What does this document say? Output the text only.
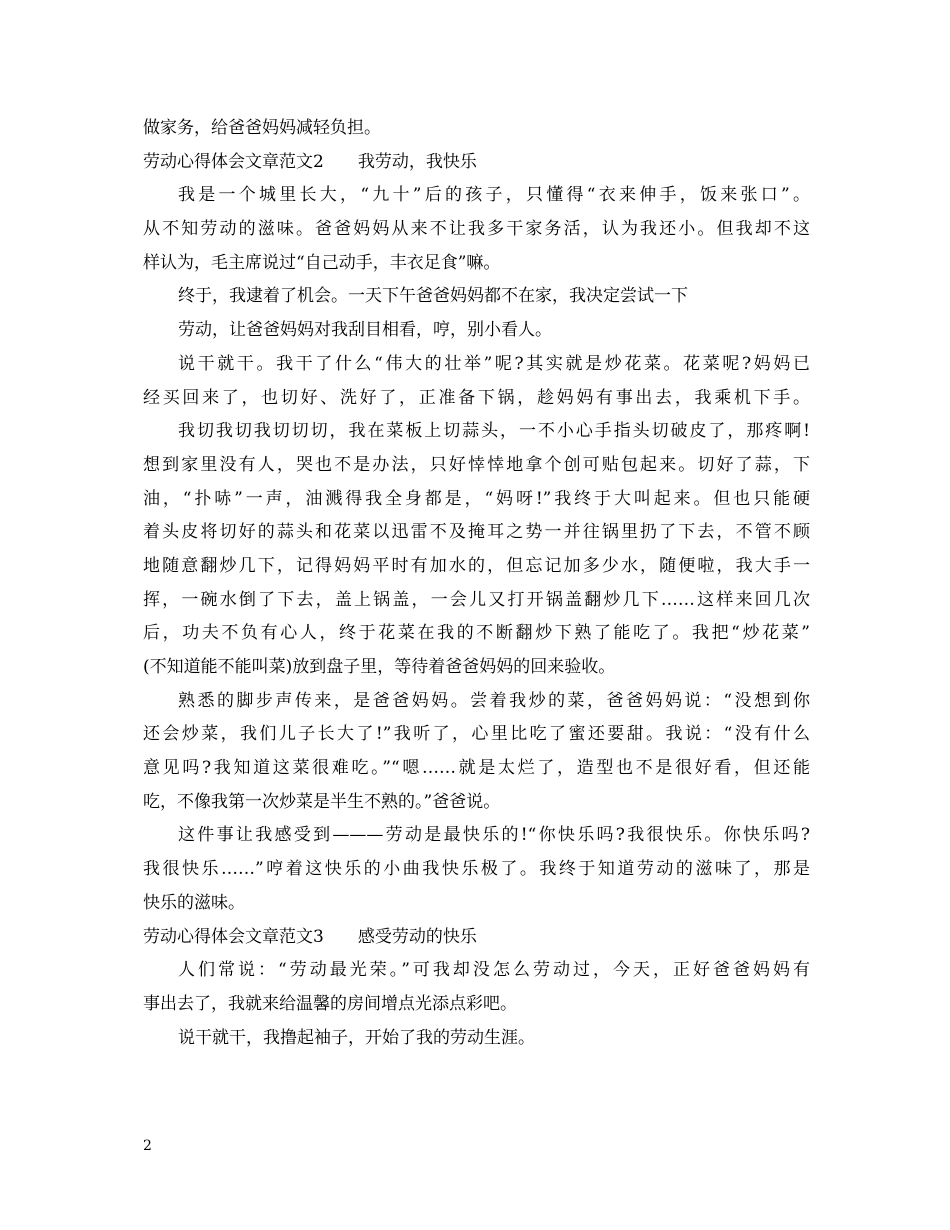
做家务，给爸爸妈妈减轻负担。
劳动心得体会文章范文2　　我劳动，我快乐
我是一个城里长大，“九十”后的孩子，只懂得“衣来伸手，饭来张口”。
从不知劳动的滋味。爸爸妈妈从来不让我多干家务活，认为我还小。但我却不这
样认为，毛主席说过“自己动手，丰衣足食”嘛。
终于，我逮着了机会。一天下午爸爸妈妈都不在家，我决定尝试一下
劳动，让爸爸妈妈对我刮目相看，哼，别小看人。
说干就干。我干了什么“伟大的壮举”呢?其实就是炒花菜。花菜呢?妈妈已
经买回来了，也切好、洗好了，正准备下锅，趁妈妈有事出去，我乘机下手。
我切我切我切切切，我在菜板上切蒜头，一不小心手指头切破皮了，那疼啊!
想到家里没有人，哭也不是办法，只好悻悻地拿个创可贴包起来。切好了蒜，下
油，“扑哧”一声，油溅得我全身都是，“妈呀!”我终于大叫起来。但也只能硬
着头皮将切好的蒜头和花菜以迅雷不及掩耳之势一并往锅里扔了下去，不管不顾
地随意翻炒几下，记得妈妈平时有加水的，但忘记加多少水，随便啦，我大手一
挥，一碗水倒了下去，盖上锅盖，一会儿又打开锅盖翻炒几下……这样来回几次
后，功夫不负有心人，终于花菜在我的不断翻炒下熟了能吃了。我把“炒花菜”
(不知道能不能叫菜)放到盘子里，等待着爸爸妈妈的回来验收。
熟悉的脚步声传来，是爸爸妈妈。尝着我炒的菜，爸爸妈妈说：“没想到你
还会炒菜，我们儿子长大了!”我听了，心里比吃了蜜还要甜。我说：“没有什么
意见吗?我知道这菜很难吃。”“嗯……就是太烂了，造型也不是很好看，但还能
吃，不像我第一次炒菜是半生不熟的。”爸爸说。
这件事让我感受到———劳动是最快乐的!“你快乐吗?我很快乐。你快乐吗?
我很快乐……”哼着这快乐的小曲我快乐极了。我终于知道劳动的滋味了，那是
快乐的滋味。
劳动心得体会文章范文3　　感受劳动的快乐
人们常说：“劳动最光荣。”可我却没怎么劳动过，今天，正好爸爸妈妈有
事出去了，我就来给温馨的房间增点光添点彩吧。
说干就干，我撸起袖子，开始了我的劳动生涯。
2
